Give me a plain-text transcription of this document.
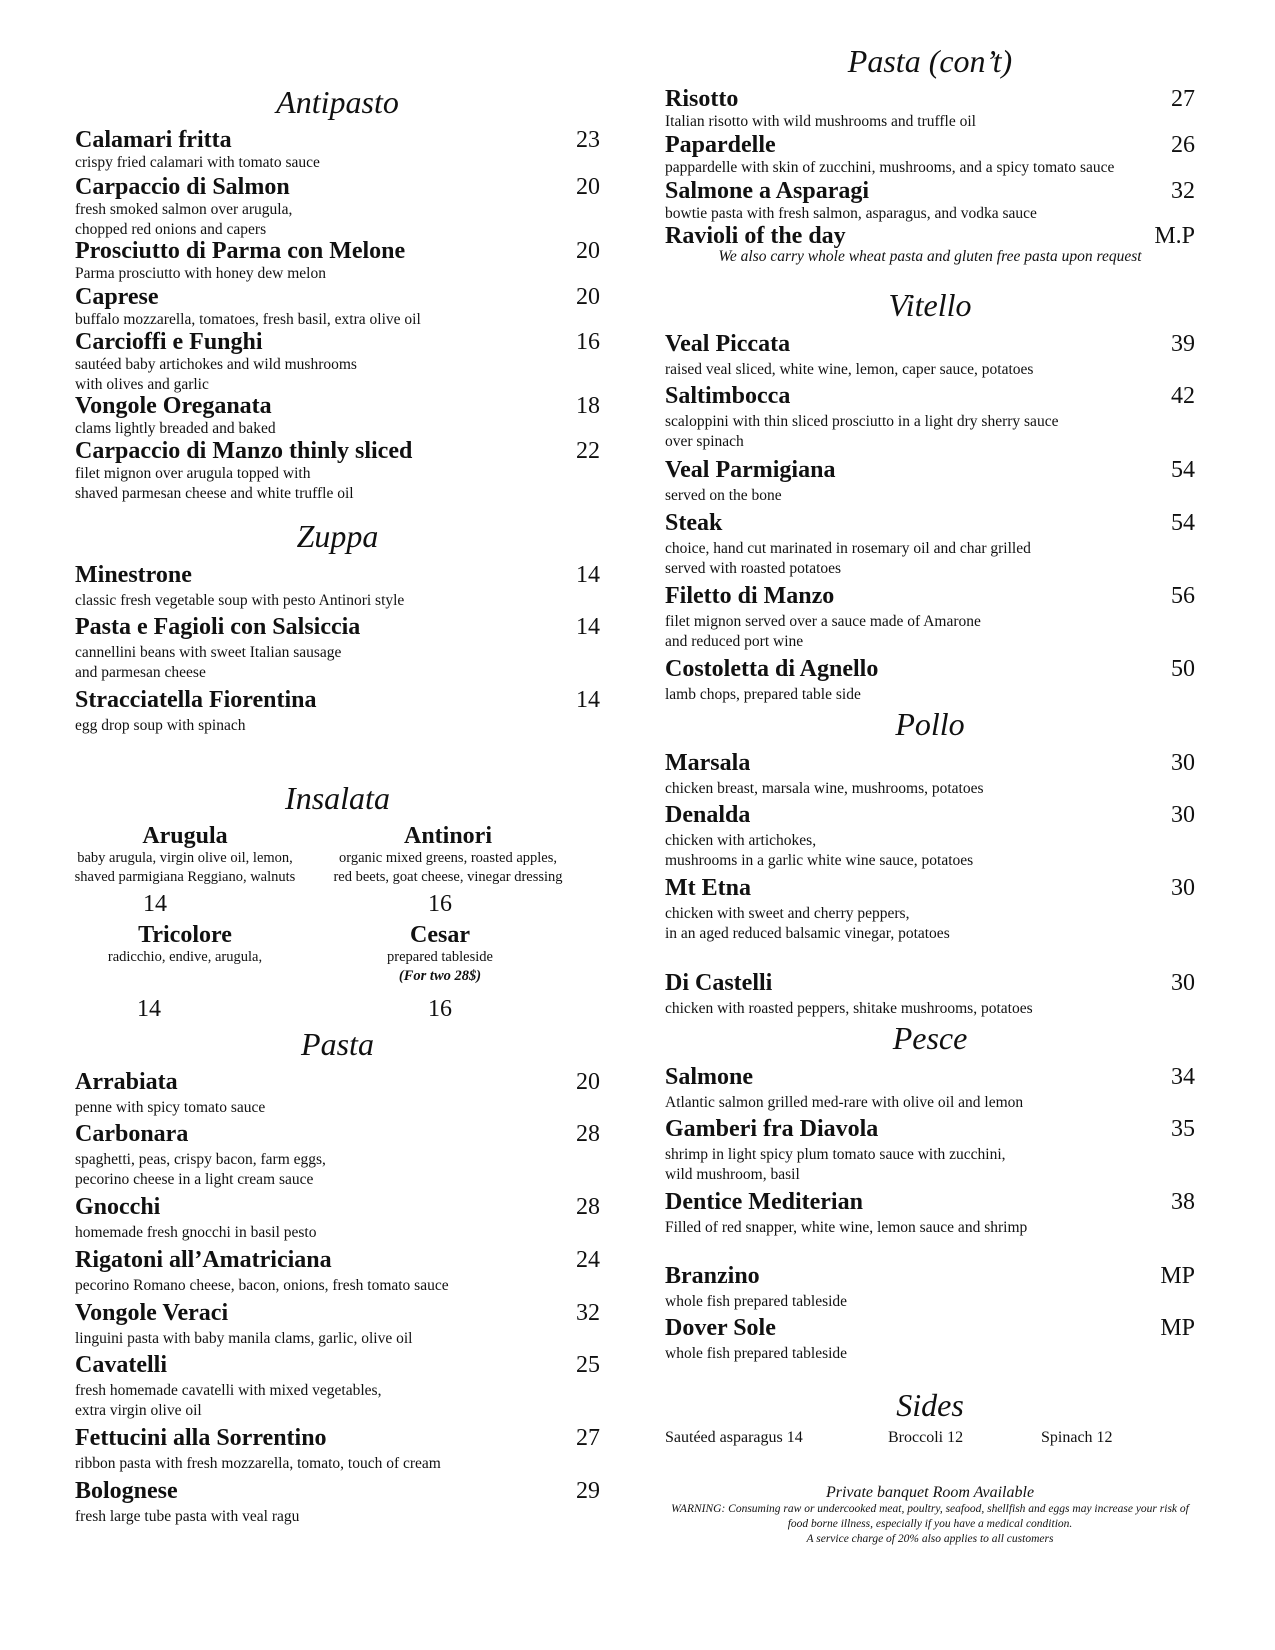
Antipasto
Calamari fritta	23
crispy fried calamari with tomato sauce
Carpaccio di Salmon	20
fresh smoked salmon over arugula,
chopped red onions and capers
Prosciutto di Parma con Melone	20
Parma prosciutto with honey dew melon
Caprese	20
buffalo mozzarella, tomatoes, fresh basil, extra olive oil
Carcioffi e Funghi	16
sautéed baby artichokes and wild mushrooms
with olives and garlic
Vongole Oreganata	18
clams lightly breaded and baked
Carpaccio di Manzo thinly sliced	22
filet mignon over arugula topped with
shaved parmesan cheese and white truffle oil
Zuppa
Minestrone	14
classic fresh vegetable soup with pesto Antinori style
Pasta e Fagioli con Salsiccia	14
cannellini beans with sweet Italian sausage
and parmesan cheese
Stracciatella Fiorentina	14
egg drop soup with spinach
Insalata
Arugula
baby arugula, virgin olive oil, lemon,
shaved parmigiana Reggiano, walnuts
14
Antinori
organic mixed greens, roasted apples,
red beets, goat cheese, vinegar dressing
16
Tricolore
radicchio, endive, arugula,
14
Cesar
prepared tableside
(For two 28$)
16
Pasta
Arrabiata	20
penne with spicy tomato sauce
Carbonara	28
spaghetti, peas, crispy bacon, farm eggs,
pecorino cheese in a light cream sauce
Gnocchi	28
homemade fresh gnocchi in basil pesto
Rigatoni all’Amatriciana	24
pecorino Romano cheese, bacon, onions, fresh tomato sauce
Vongole Veraci	32
linguini pasta with baby manila clams, garlic, olive oil
Cavatelli	25
fresh homemade cavatelli with mixed vegetables,
extra virgin olive oil
Fettucini alla Sorrentino	27
ribbon pasta with fresh mozzarella, tomato, touch of cream
Bolognese	29
fresh large tube pasta with veal ragu
Pasta (con’t)
Risotto	27
Italian risotto with wild mushrooms and truffle oil
Papardelle	26
pappardelle with skin of zucchini, mushrooms, and a spicy tomato sauce
Salmone a Asparagi	32
bowtie pasta with fresh salmon, asparagus, and vodka sauce
Ravioli of the day	M.P
We also carry whole wheat pasta and gluten free pasta upon request
Vitello
Veal Piccata	39
raised veal sliced, white wine, lemon, caper sauce, potatoes
Saltimbocca	42
scaloppini with thin sliced prosciutto in a light dry sherry sauce
over spinach
Veal Parmigiana	54
served on the bone
Steak	54
choice, hand cut marinated in rosemary oil and char grilled
served with roasted potatoes
Filetto di Manzo	56
filet mignon served over a sauce made of Amarone
and reduced port wine
Costoletta di Agnello	50
lamb chops, prepared table side
Pollo
Marsala	30
chicken breast, marsala wine, mushrooms, potatoes
Denalda	30
chicken with artichokes,
mushrooms in a garlic white wine sauce, potatoes
Mt Etna	30
chicken with sweet and cherry peppers,
in an aged reduced balsamic vinegar, potatoes
Di Castelli	30
chicken with roasted peppers, shitake mushrooms, potatoes
Pesce
Salmone	34
Atlantic salmon grilled med-rare with olive oil and lemon
Gamberi fra Diavola	35
shrimp in light spicy plum tomato sauce with zucchini,
wild mushroom, basil
Dentice Mediterian	38
Filled of red snapper, white wine, lemon sauce and shrimp
Branzino	MP
whole fish prepared tableside
Dover Sole	MP
whole fish prepared tableside
Sides
Sautéed asparagus 14	Broccoli 12	Spinach 12
Private banquet Room Available
WARNING: Consuming raw or undercooked meat, poultry, seafood, shellfish and eggs may increase your risk of
food borne illness, especially if you have a medical condition.
A service charge of 20% also applies to all customers
